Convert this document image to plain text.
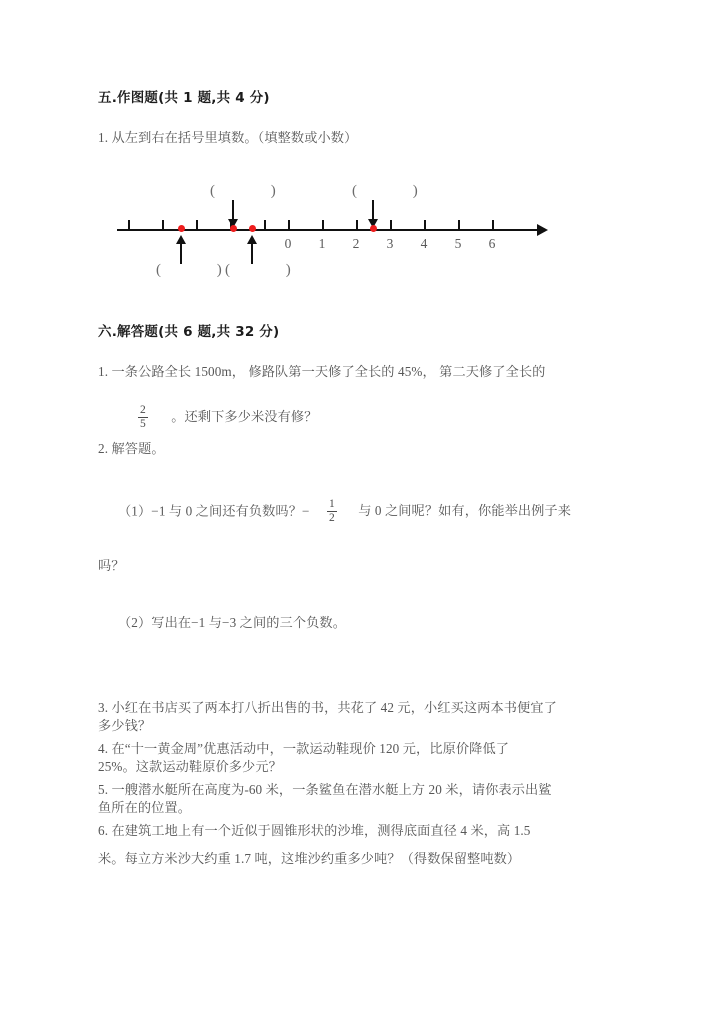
五.作图题(共 1 题,共 4 分)
1. 从左到右在括号里填数。（填整数或小数）
( )	( )
0	1	2	3	4	5	6
( )
( )
六.解答题(共 6 题,共 32 分)
1. 一条公路全长 1500m， 修路队第一天修了全长的 45%， 第二天修了全长的
$\frac{2}{5}$ 。还剩下多少米没有修？
2. 解答题。
（1）−1 与 0 之间还有负数吗？− $\frac{1}{2}$ 与 0 之间呢？如有，你能举出例子来
吗？
（2）写出在−1 与−3 之间的三个负数。
3. 小红在书店买了两本打八折出售的书，共花了 42 元，小红买这两本书便宜了
多少钱？
4. 在“十一黄金周”优惠活动中，一款运动鞋现价 120 元，比原价降低了
25%。这款运动鞋原价多少元？
5. 一艘潜水艇所在高度为-60 米，一条鲨鱼在潜水艇上方 20 米，请你表示出鲨
鱼所在的位置。
6. 在建筑工地上有一个近似于圆锥形状的沙堆，测得底面直径 4 米，高 1.5
米。每立方米沙大约重 1.7 吨，这堆沙约重多少吨？（得数保留整吨数）
